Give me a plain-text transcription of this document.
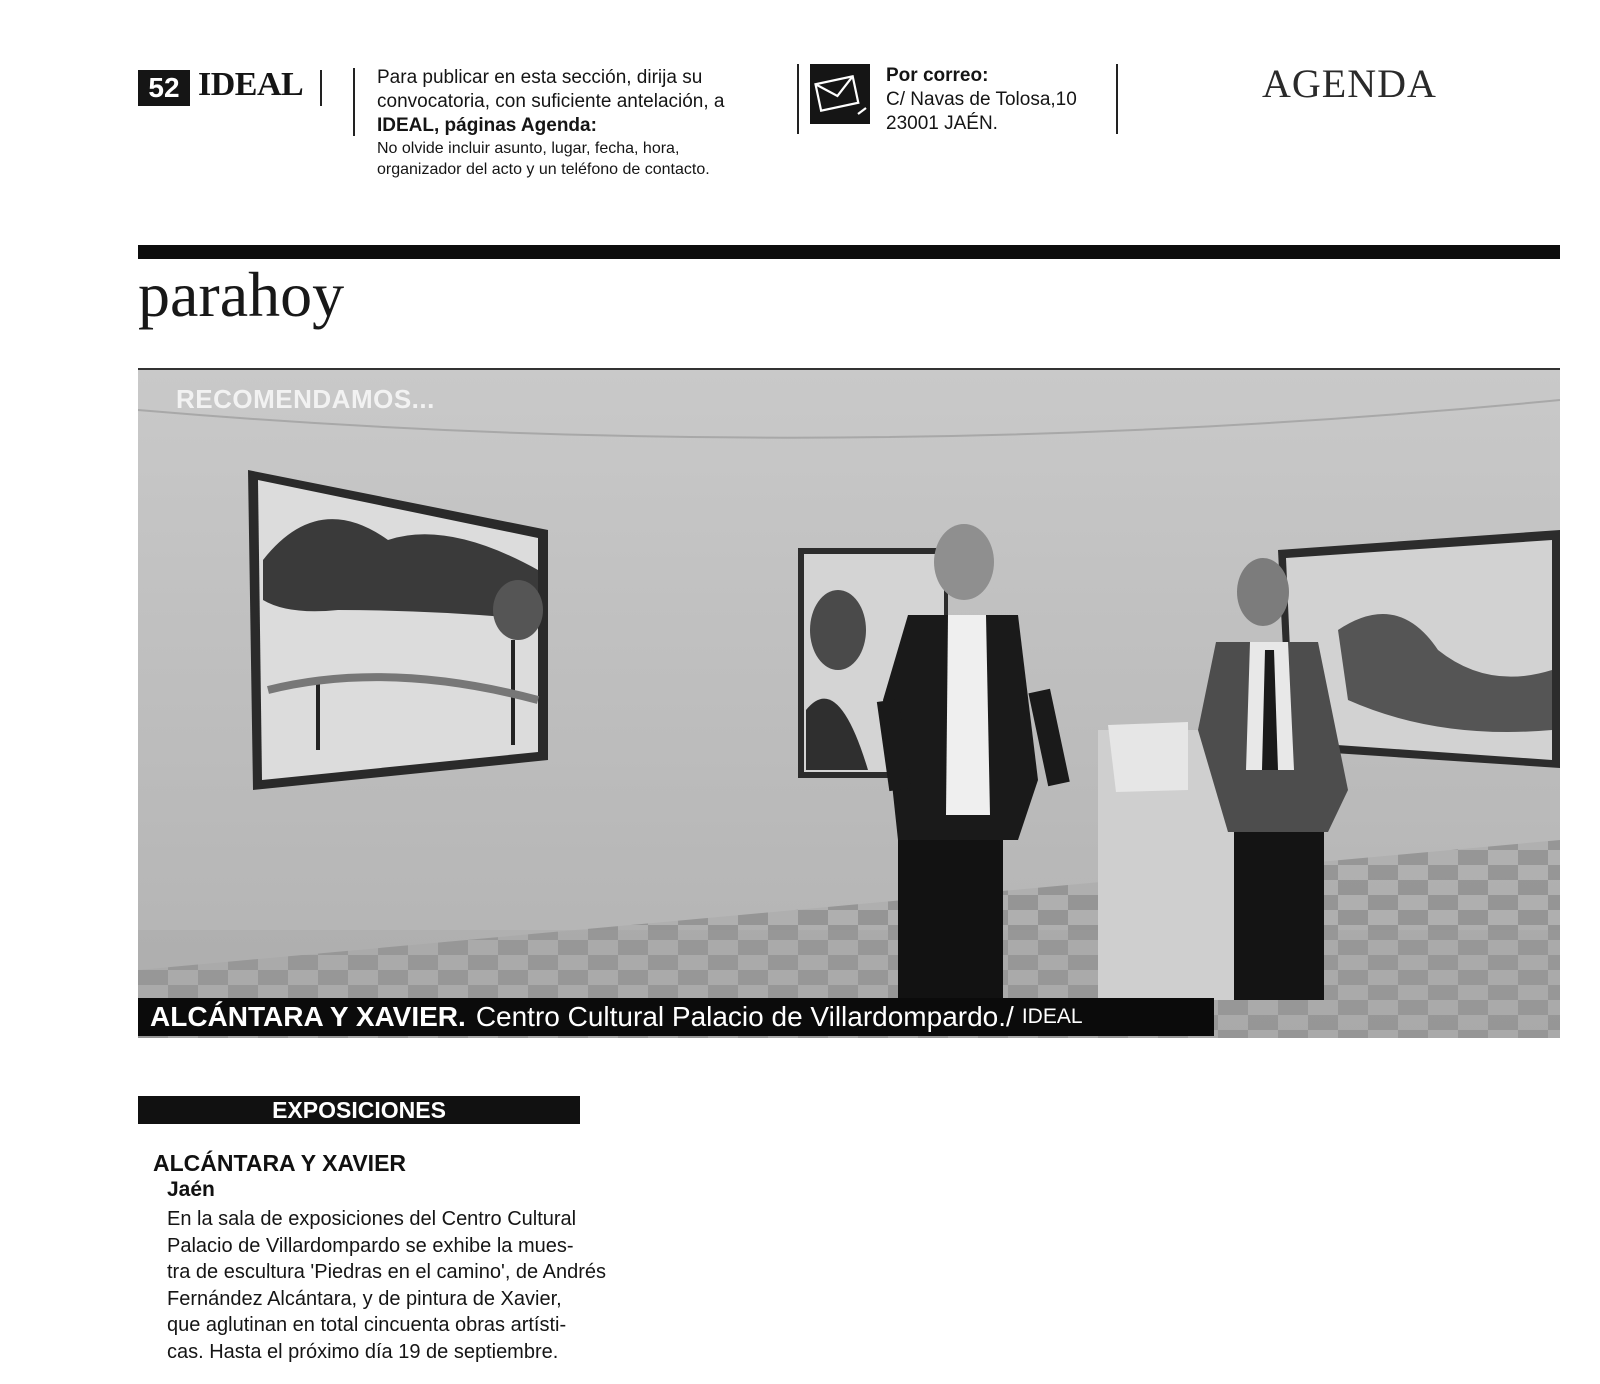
52 IDEAL	Para publicar en esta sección, dirija su
convocatoria, con suficiente antelación, a
IDEAL, páginas Agenda:
No olvide incluir asunto, lugar, fecha, hora,
organizador del acto y un teléfono de contacto.
Por correo:
C/ Navas de Tolosa,10
23001 JAÉN.
AGENDA
parahoy
RECOMENDAMOS...
ALCÁNTARA Y XAVIER. Centro Cultural Palacio de Villardompardo./ IDEAL
EXPOSICIONES
ALCÁNTARA Y XAVIER
Jaén
En la sala de exposiciones del Centro Cultural
Palacio de Villardompardo se exhibe la mues-
tra de escultura 'Piedras en el camino', de Andrés
Fernández Alcántara, y de pintura de Xavier,
que aglutinan en total cincuenta obras artísti-
cas. Hasta el próximo día 19 de septiembre.
